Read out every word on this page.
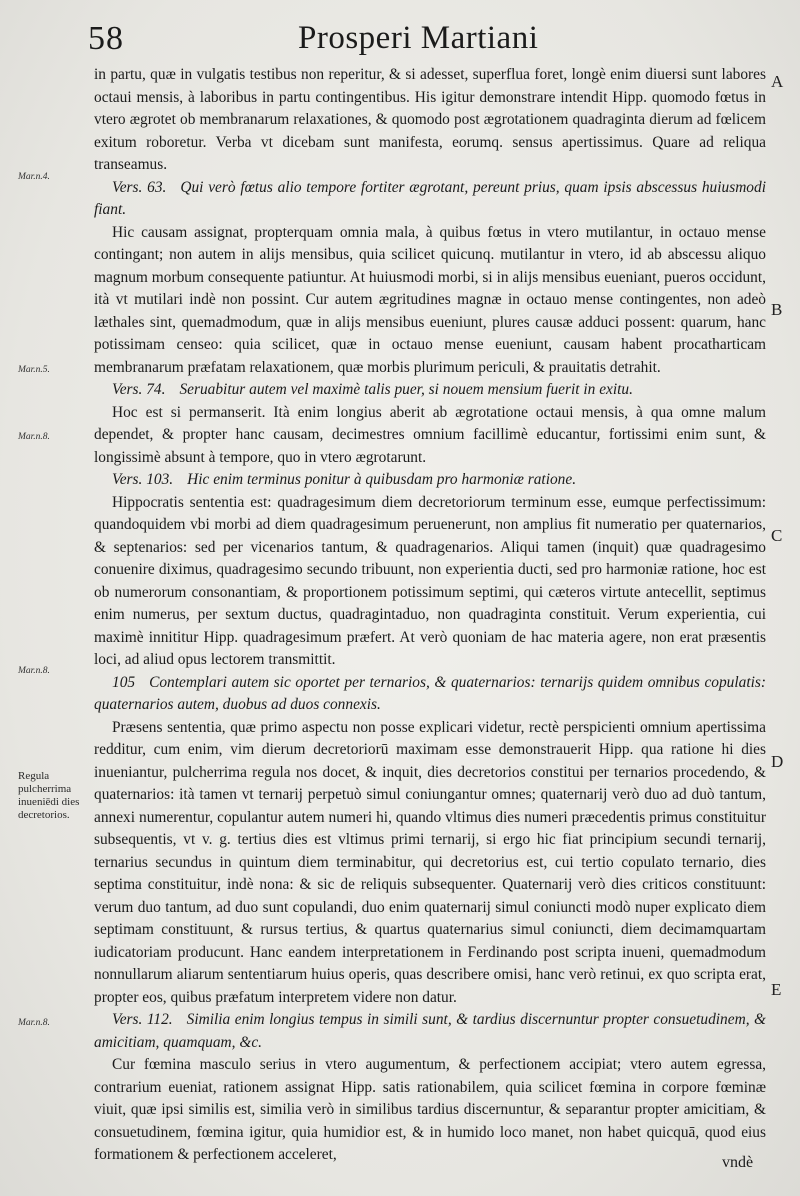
58	Prosperi Martiani

in partu, quæ in vulgatis testibus non reperitur, & si adesset, superflua foret, longè enim diuersi sunt labores octaui mensis, à laboribus in partu contingentibus. His igitur demonstrare intendit Hipp. quomodo fœtus in vtero ægrotet ob membranarum relaxationes, & quomodo post ægrotationem quadraginta dierum ad fœlicem exitum roboretur. Verba vt dicebam sunt manifesta, eorumq. sensus apertissimus. Quare ad reliqua transeamus.

Vers. 63. Qui verò fœtus alio tempore fortiter ægrotant, pereunt prius, quam ipsis abscessus huiusmodi fiant.

Hic causam assignat, propterquam omnia mala, à quibus fœtus in vtero mutilantur, in octauo mense contingant; non autem in alijs mensibus, quia scilicet quicunq. mutilantur in vtero, id ab abscessu aliquo magnum morbum consequente patiuntur. At huiusmodi morbi, si in alijs mensibus eueniant, pueros occidunt, ità vt mutilari indè non possint. Cur autem ægritudines magnæ in octauo mense contingentes, non adeò læthales sint, quemadmodum, quæ in alijs mensibus eueniunt, plures causæ adduci possent: quarum, hanc potissimam censeo: quia scilicet, quæ in octauo mense eueniunt, causam habent procatharticam membranarum præfatam relaxationem, quæ morbis plurimum periculi, & prauitatis detrahit.

Vers. 74. Seruabitur autem vel maximè talis puer, si nouem mensium fuerit in exitu.

Hoc est si permanserit. Ità enim longius aberit ab ægrotatione octaui mensis, à qua omne malum dependet, & propter hanc causam, decimestres omnium facillimè educantur, fortissimi enim sunt, & longissimè absunt à tempore, quo in vtero ægrotarunt.

Vers. 103. Hic enim terminus ponitur à quibusdam pro harmoniæ ratione.

Hippocratis sententia est: quadragesimum diem decretoriorum terminum esse, eumque perfectissimum: quandoquidem vbi morbi ad diem quadragesimum peruenerunt, non amplius fit numeratio per quaternarios, & septenarios: sed per vicenarios tantum, & quadragenarios. Aliqui tamen (inquit) quæ quadragesimo conuenire diximus, quadragesimo secundo tribuunt, non experientia ducti, sed pro harmoniæ ratione, hoc est ob numerorum consonantiam, & proportionem potissimum septimi, qui cæteros virtute antecellit, septimus enim numerus, per sextum ductus, quadragintaduo, non quadraginta constituit. Verum experientia, cui maximè innititur Hipp. quadragesimum præfert. At verò quoniam de hac materia agere, non erat præsentis loci, ad aliud opus lectorem transmittit.

105 Contemplari autem sic oportet per ternarios, & quaternarios: ternarijs quidem omnibus copulatis: quaternarios autem, duobus ad duos connexis.

Præsens sententia, quæ primo aspectu non posse explicari videtur, rectè perspicienti omnium apertissima redditur, cum enim, vim dierum decretoriorū maximam esse demonstrauerit Hipp. qua ratione hi dies inueniantur, pulcherrima regula nos docet, & inquit, dies decretorios constitui per ternarios procedendo, & quaternarios: ità tamen vt ternarij perpetuò simul coniungantur omnes; quaternarij verò duo ad duò tantum, annexi numerentur, copulantur autem numeri hi, quando vltimus dies numeri præcedentis primus constituitur subsequentis, vt v. g. tertius dies est vltimus primi ternarij, si ergo hic fiat principium secundi ternarij, ternarius secundus in quintum diem terminabitur, qui decretorius est, cui tertio copulato ternario, dies septima constituitur, indè nona: & sic de reliquis subsequenter. Quaternarij verò dies criticos constituunt: verum duo tantum, ad duo sunt copulandi, duo enim quaternarij simul coniuncti modò nuper explicato diem septimam constituunt, & rursus tertius, & quartus quaternarius simul coniuncti, diem decimamquartam iudicatoriam producunt. Hanc eandem interpretationem in Ferdinando post scripta inueni, quemadmodum nonnullarum aliarum sententiarum huius operis, quas describere omisi, hanc verò retinui, ex quo scripta erat, propter eos, quibus præfatum interpretem videre non datur.

Vers. 112. Similia enim longius tempus in simili sunt, & tardius discernuntur propter consuetudinem, & amicitiam, quamquam, &c.

Cur fœmina masculo serius in vtero augumentum, & perfectionem accipiat; vtero autem egressa, contrarium eueniat, rationem assignat Hipp. satis rationabilem, quia scilicet fœmina in corpore fœminæ viuit, quæ ipsi similis est, similia verò in similibus tardius discernuntur, & separantur propter amicitiam, & consuetudinem, fœmina igitur, quia humidior est, & in humido loco manet, non habet quicquā, quod eius formationem & perfectionem acceleret,

Mar.n.4.
Mar.n.5.
Mar.n.8.
Mar.n.8.
Mar.n.8.
Regula pulcherrima inueniēdi dies decretorios.
A
B
C
D
E
vndè
